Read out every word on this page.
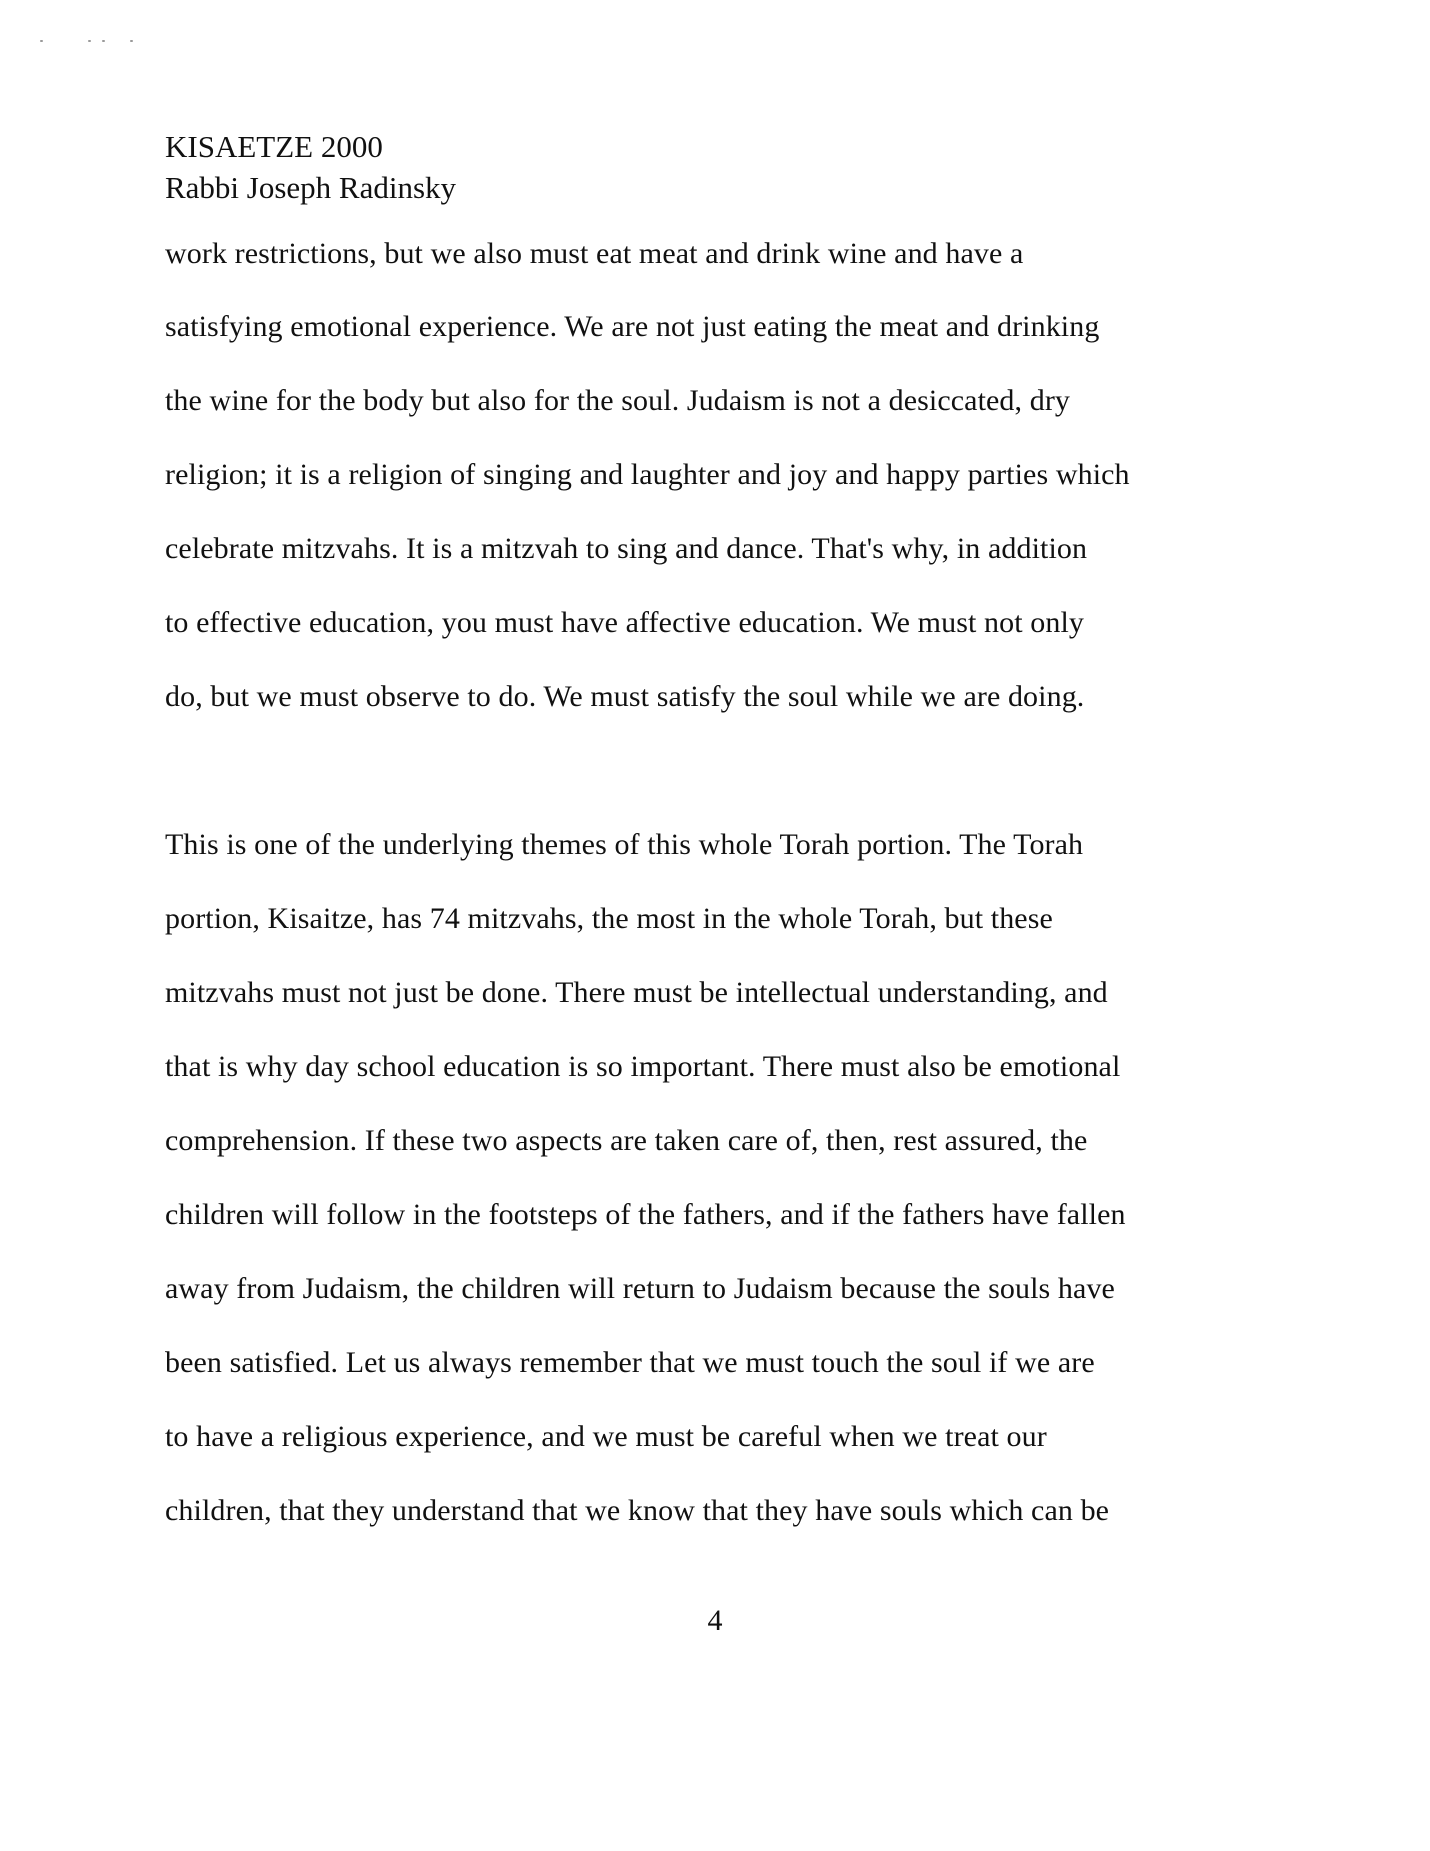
KISAETZE 2000
Rabbi Joseph Radinsky
work restrictions, but we also must eat meat and drink wine and have a
satisfying emotional experience. We are not just eating the meat and drinking
the wine for the body but also for the soul. Judaism is not a desiccated, dry
religion; it is a religion of singing and laughter and joy and happy parties which
celebrate mitzvahs. It is a mitzvah to sing and dance. That's why, in addition
to effective education, you must have affective education. We must not only
do, but we must observe to do. We must satisfy the soul while we are doing.
This is one of the underlying themes of this whole Torah portion. The Torah
portion, Kisaitze, has 74 mitzvahs, the most in the whole Torah, but these
mitzvahs must not just be done. There must be intellectual understanding, and
that is why day school education is so important. There must also be emotional
comprehension. If these two aspects are taken care of, then, rest assured, the
children will follow in the footsteps of the fathers, and if the fathers have fallen
away from Judaism, the children will return to Judaism because the souls have
been satisfied. Let us always remember that we must touch the soul if we are
to have a religious experience, and we must be careful when we treat our
children, that they understand that we know that they have souls which can be
4
